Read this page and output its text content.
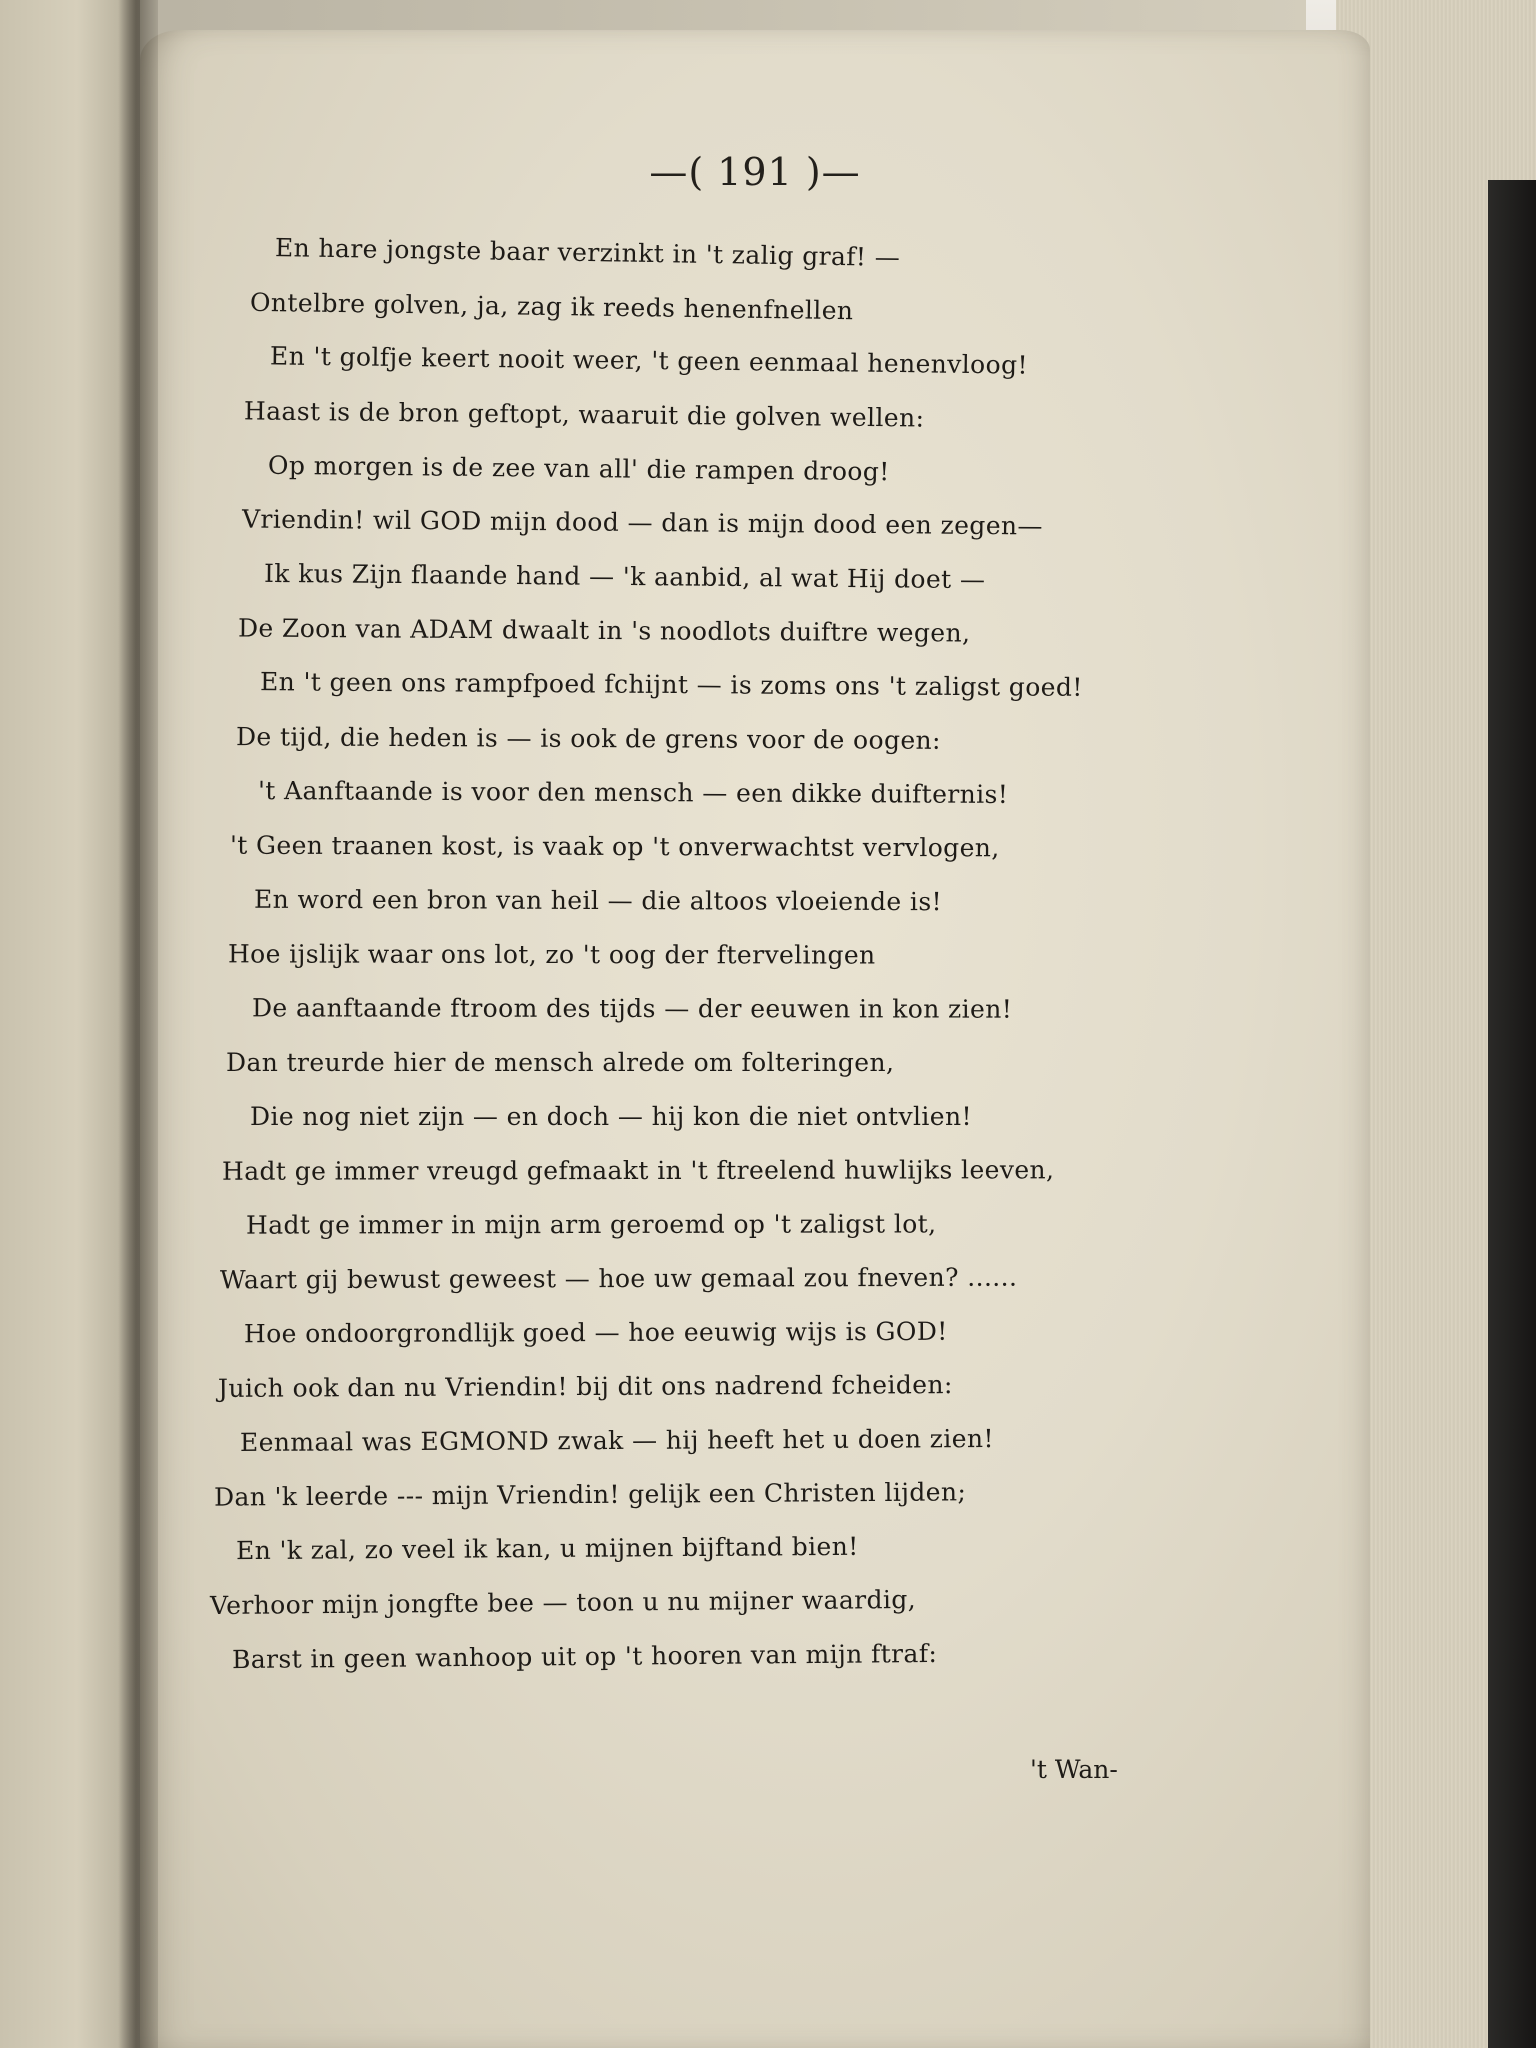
—( 191 )—
En hare jongste baar verzinkt in 't zalig graf! —
Ontelbre golven, ja, zag ik reeds henenfnellen
En 't golfje keert nooit weer, 't geen eenmaal henenvloog!
Haast is de bron geftopt, waaruit die golven wellen:
Op morgen is de zee van all' die rampen droog!
Vriendin! wil GOD mijn dood — dan is mijn dood een zegen—
Ik kus Zijn flaande hand — 'k aanbid, al wat Hij doet —
De Zoon van ADAM dwaalt in 's noodlots duiftre wegen,
En 't geen ons rampfpoed fchijnt — is zoms ons 't zaligst goed!
De tijd, die heden is — is ook de grens voor de oogen:
't Aanftaande is voor den mensch — een dikke duifternis!
't Geen traanen kost, is vaak op 't onverwachtst vervlogen,
En word een bron van heil — die altoos vloeiende is!
Hoe ijslijk waar ons lot, zo 't oog der ftervelingen
De aanftaande ftroom des tijds — der eeuwen in kon zien!
Dan treurde hier de mensch alrede om folteringen,
Die nog niet zijn — en doch — hij kon die niet ontvlien!
Hadt ge immer vreugd gefmaakt in 't ftreelend huwlijks leeven,
Hadt ge immer in mijn arm geroemd op 't zaligst lot,
Waart gij bewust geweest — hoe uw gemaal zou fneven? ......
Hoe ondoorgrondlijk goed — hoe eeuwig wijs is GOD!
Juich ook dan nu Vriendin! bij dit ons nadrend fcheiden:
Eenmaal was EGMOND zwak — hij heeft het u doen zien!
Dan 'k leerde --- mijn Vriendin! gelijk een Christen lijden;
En 'k zal, zo veel ik kan, u mijnen bijftand bien!
Verhoor mijn jongfte bee — toon u nu mijner waardig,
Barst in geen wanhoop uit op 't hooren van mijn ftraf:
't Wan-
